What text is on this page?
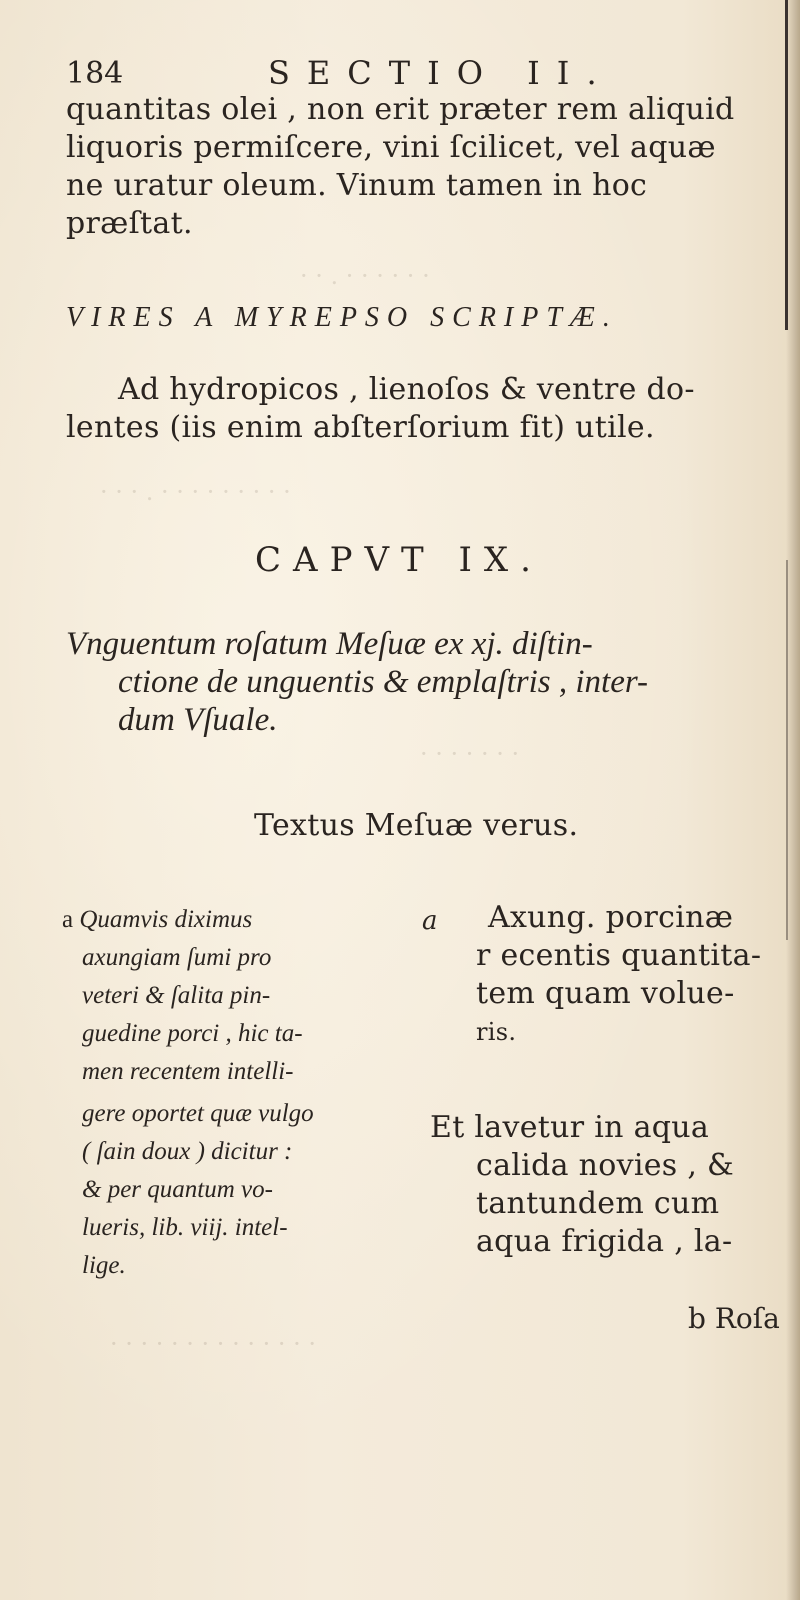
· · . · · · · · ·
· · · . · · · · · · · · ·
· · · · · · ·
· · · · · · · · · · · · · ·
184	SECTIO II.
quantitas olei , non erit præter rem aliquid
liquoris permiſcere, vini ſcilicet, vel aquæ
ne uratur oleum. Vinum tamen in hoc
præſtat.
VIRES A MYREPSO SCRIPTÆ.
Ad hydropicos , lienoſos & ventre do-
lentes (iis enim abſterſorium fit) utile.
CAPVT IX.
Vnguentum roſatum Meſuæ ex xj. diſtin-
ctione de unguentis & emplaſtris , inter-
dum Vſuale.
Textus Meſuæ verus.
a Quamvis diximus
axungiam ſumi pro
veteri & ſalita pin-
guedine porci , hic ta-
men recentem intelli-
gere oportet quæ vulgo
( ſain doux ) dicitur :
& per quantum vo-
lueris, lib. viij. intel-
lige.
a Axung. porcinæ
r ecentis quantita-
tem quam volue-
ris.
Et lavetur in aqua
calida novies , &
tantundem cum
aqua frigida , la-
b Roſa
